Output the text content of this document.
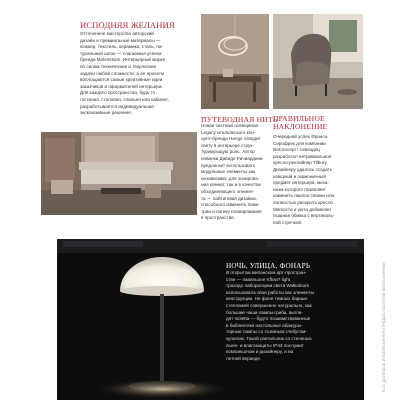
ИСПОДНЯЯ ЖЕЛАНИЯ
Отточенное мастерство авторский
дизайн и премиальные материалы —
кожаер, текстиль, керамика, сталь, на-
туральный шпон — слагаемые успеха
бренда Molenstuim. Интерьерной марке
по силам технические и творческие
задачи любой сложности, а ее проекты
воплощаются самые креативные идеи
заказчиков и оформителей интерьера.
Для каждого пространства, будь то
гостиная, столовая, спальня или кабинет,
разработывается индивидуальная
эксклюзивные решения.
ПУТЕВОДНАЯ НИТЬ
Новая система освещения
Legacy итальянского кон-
цепт-бренда Henge отводит
свету в интерьере струк-
турирующую роль. Автор
новинки Давиде Ричиардини
предлагает использовать
модульные элементы как
независимо, для зонирова-
ния комнат, так и в качестве
объединяющего элемен-
та — лайтиговая дизайна,
способного изменить поме-
трии и логику планирования
в пространстве.
ПРАВИЛЬНОЕ НАКЛОНЕНИЕ
Очередной успех Франса
Серофрек для компании
BoConcept / совладец
разработал нетривиальное
кресло-реклайнер Tilbury.
Дизайнеру удалось создать
изящный и гармоничный
предмет интерьера, меха-
низм которого позволяет
изменить наклон спинки или
полностью раскрыть кресло.
Мягкости и уюта добавляет
пышная обивка с вертикаль-
ной строчкой.
НОЧЬ, УЛИЦА, ФОНАРЬ
В открытом миланском арт-простран-
стве — павильоне Kflow? light
траходо лаборатории света Walkolours
использовала свои работы как элементы
конструкции. Не фоне темных барных
стеллажей совершенно натурально, как
большие чаши лампы-гриба, выгля-
дят Isoletta — будто позаимствованные
в библиотеке настольные абажуры-
торные лампы со съемным глобусом-
куполом. Такой светильник со степенью
пыле- и влагозащиты IP43 послужит
компаньоном и дизайнеру, и на
летней веранде.	ВСЕ ДОЛЕВЫЕ ИЗОБРАЖЕНИЯ ПРЕДОСТАВЛЕНЫ КОМПАНИЯМИ
